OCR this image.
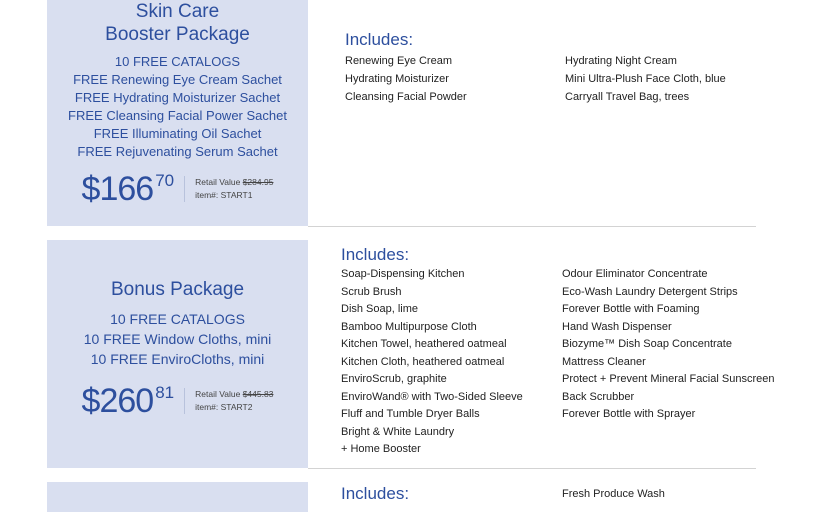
Skin Care
Booster Package
10 FREE CATALOGS
FREE Renewing Eye Cream Sachet
FREE Hydrating Moisturizer Sachet
FREE Cleansing Facial Power Sachet
FREE Illuminating Oil Sachet
FREE Rejuvenating Serum Sachet
$ 166 70 Retail Value $284.95
item#: START1
Includes:
Renewing Eye Cream
Hydrating Moisturizer
Cleansing Facial Powder
Hydrating Night Cream
Mini Ultra-Plush Face Cloth, blue
Carryall Travel Bag, trees
Bonus Package
10 FREE CATALOGS
10 FREE Window Cloths, mini
10 FREE EnviroCloths, mini
$ 260 81 Retail Value $445.83
item#: START2
Includes:
Soap-Dispensing Kitchen
Scrub Brush
Dish Soap, lime
Bamboo Multipurpose Cloth
Kitchen Towel, heathered oatmeal
Kitchen Cloth, heathered oatmeal
EnviroScrub, graphite
EnviroWand® with Two-Sided Sleeve
Fluff and Tumble Dryer Balls
Bright & White Laundry
+ Home Booster
Odour Eliminator Concentrate
Eco-Wash Laundry Detergent Strips
Forever Bottle with Foaming
Hand Wash Dispenser
Biozyme™ Dish Soap Concentrate
Mattress Cleaner
Protect + Prevent Mineral Facial Sunscreen
Back Scrubber
Forever Bottle with Sprayer
Includes:	Fresh Produce Wash
